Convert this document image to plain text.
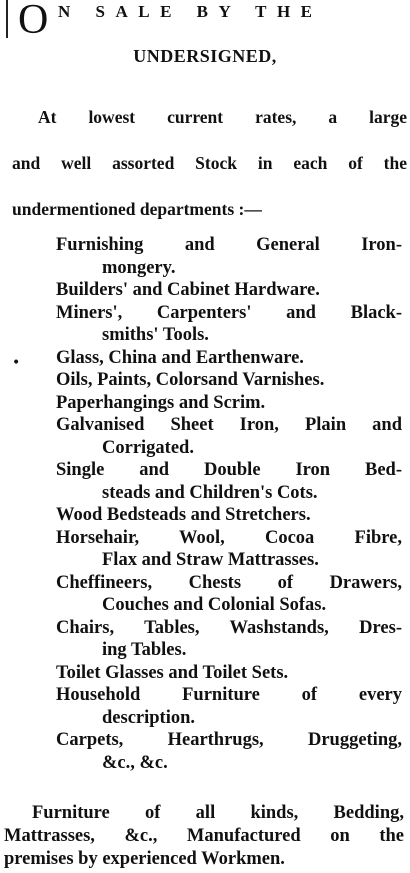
O N SALE BY THE
UNDERSIGNED,
At lowest current rates, a large
and well assorted Stock in each of the
undermentioned departments :—
•

Furnishing and General Iron-
mongery.

Builders' and Cabinet Hardware.

Miners', Carpenters' and Black-
smiths' Tools.

Glass, China and Earthenware.

Oils, Paints, Colorsand Varnishes.

Paperhangings and Scrim.

Galvanised Sheet Iron, Plain and
Corrigated.

Single and Double Iron Bed-
steads and Children's Cots.

Wood Bedsteads and Stretchers.

Horsehair, Wool, Cocoa Fibre,
Flax and Straw Mattrasses.

Cheffineers, Chests of Drawers,
Couches and Colonial Sofas.

Chairs, Tables, Washstands, Dres-
ing Tables.

Toilet Glasses and Toilet Sets.

Household Furniture of every
description.

Carpets, Hearthrugs, Druggeting,
&c., &c.

Furniture of all kinds, Bedding,
Mattrasses, &c., Manufactured on the
premises by experienced Workmen.
